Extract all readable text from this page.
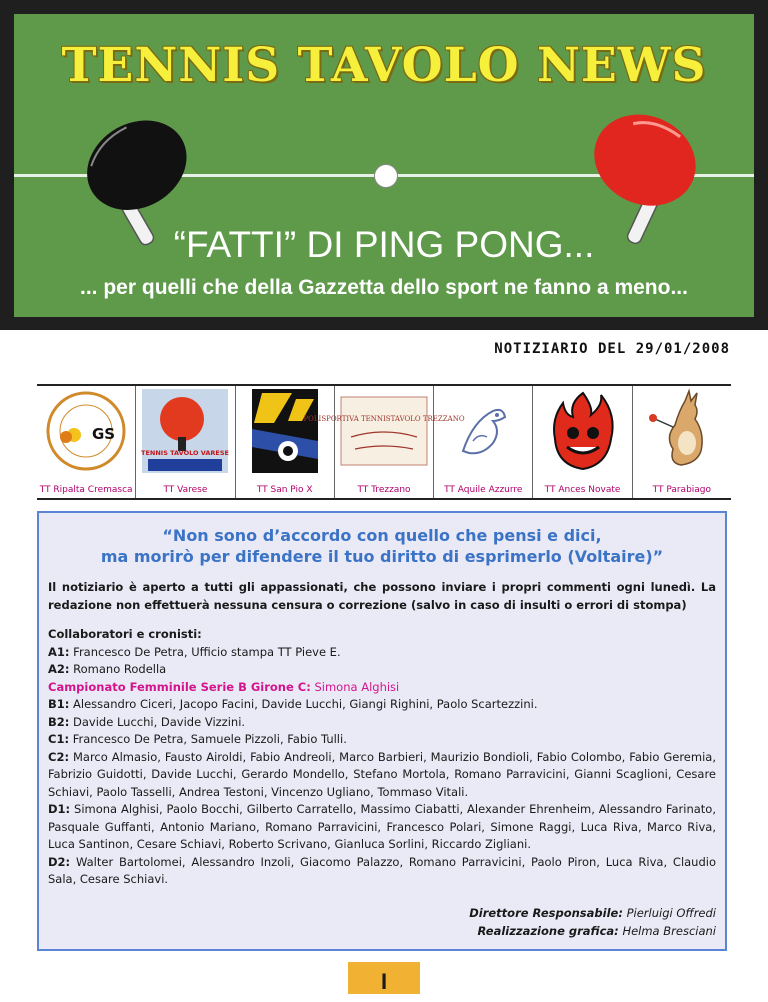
TENNIS TAVOLO NEWS
“FATTI” DI PING PONG...
... per quelli che della Gazzetta dello sport ne fanno a meno...
NOTIZIARIO DEL 29/01/2008
GS
TT Ripalta Cremasca
TENNIS TAVOLO VARESE
TT Varese	TT San Pio X
POLISPORTIVA TENNISTAVOLO TREZZANO
TT Trezzano	TT Aquile Azzurre	TT Ances Novate	TT Parabiago
“Non sono d’accordo con quello che pensi e dici,
ma morirò per difendere il tuo diritto di esprimerlo (Voltaire)”

Il notiziario è aperto a tutti gli appassionati, che possono inviare i propri commenti ogni lunedì. La redazione non effettuerà nessuna censura o correzione (salvo in caso di insulti o errori di stompa)

Collaboratori e cronisti:

A1: Francesco De Petra, Ufficio stampa TT Pieve E.

A2: Romano Rodella

Campionato Femminile Serie B Girone C: Simona Alghisi

B1: Alessandro Ciceri, Jacopo Facini, Davide Lucchi, Giangi Righini, Paolo Scartezzini.

B2: Davide Lucchi, Davide Vizzini.

C1: Francesco De Petra, Samuele Pizzoli, Fabio Tulli.

C2: Marco Almasio, Fausto Airoldi, Fabio Andreoli, Marco Barbieri, Maurizio Bondioli, Fabio Colombo, Fabio Geremia, Fabrizio Guidotti, Davide Lucchi, Gerardo Mondello, Stefano Mortola, Romano Parravicini, Gianni Scaglioni, Cesare Schiavi, Paolo Tasselli, Andrea Testoni, Vincenzo Ugliano, Tommaso Vitali.

D1: Simona Alghisi, Paolo Bocchi, Gilberto Carratello, Massimo Ciabatti, Alexander Ehrenheim, Alessandro Farinato, Pasquale Guffanti, Antonio Mariano, Romano Parravicini, Francesco Polari, Simone Raggi, Luca Riva, Marco Riva, Luca Santinon, Cesare Schiavi, Roberto Scrivano, Gianluca Sorlini, Riccardo Zigliani.

D2: Walter Bartolomei, Alessandro Inzoli, Giacomo Palazzo, Romano Parravicini, Paolo Piron, Luca Riva, Claudio Sala, Cesare Schiavi.

Direttore Responsabile: Pierluigi Offredi
Realizzazione grafica: Helma Bresciani
I
